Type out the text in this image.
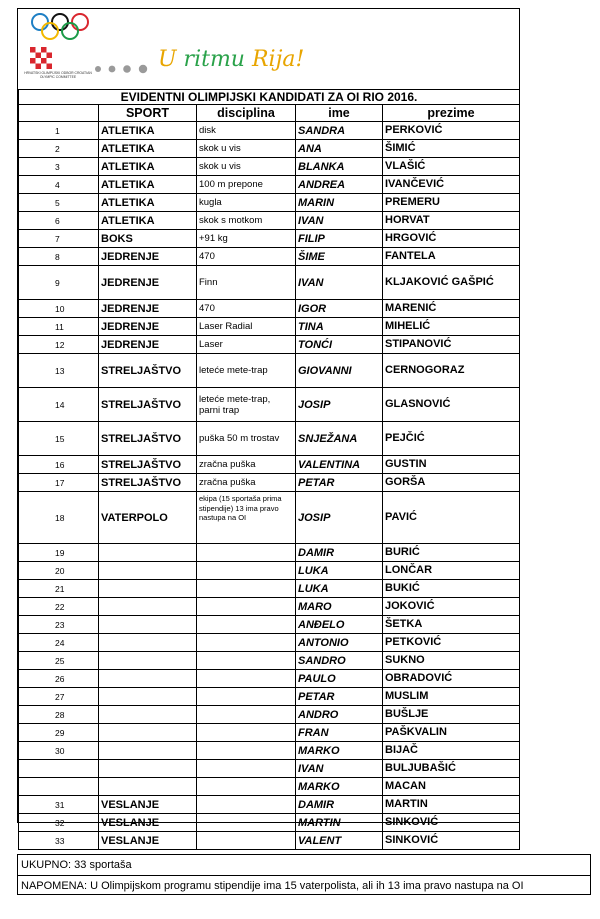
HRVATSKI OLIMPIJSKI ODBOR CROATIAN OLYMPIC COMMITTEE
U ritmu Rija!
EVIDENTNI OLIMPIJSKI KANDIDATI ZA OI RIO 2016.				
	SPORT	disciplina	ime	prezime
1	ATLETIKA	disk	SANDRA	PERKOVIĆ
2	ATLETIKA	skok u vis	ANA	ŠIMIĆ
3	ATLETIKA	skok u vis	BLANKA	VLAŠIĆ
4	ATLETIKA	100 m prepone	ANDREA	IVANČEVIĆ
5	ATLETIKA	kugla	MARIN	PREMERU
6	ATLETIKA	skok s motkom	IVAN	HORVAT
7	BOKS	+91 kg	FILIP	HRGOVIĆ
8	JEDRENJE	470	ŠIME	FANTELA
9	JEDRENJE	Finn	IVAN	KLJAKOVIĆ GAŠPIĆ
10	JEDRENJE	470	IGOR	MARENIĆ
11	JEDRENJE	Laser Radial	TINA	MIHELIĆ
12	JEDRENJE	Laser	TONĆI	STIPANOVIĆ
13	STRELJAŠTVO	leteće mete-trap	GIOVANNI	CERNOGORAZ
14	STRELJAŠTVO	leteće mete-trap, parni trap	JOSIP	GLASNOVIĆ
15	STRELJAŠTVO	puška 50 m trostav	SNJEŽANA	PEJČIĆ
16	STRELJAŠTVO	zračna puška	VALENTINA	GUSTIN
17	STRELJAŠTVO	zračna puška	PETAR	GORŠA
18	VATERPOLO	ekipa (15 sportaša prima stipendije) 13 ima pravo nastupa na OI	JOSIP	PAVIĆ
19			DAMIR	BURIĆ
20			LUKA	LONČAR
21			LUKA	BUKIĆ
22			MARO	JOKOVIĆ
23			ANĐELO	ŠETKA
24			ANTONIO	PETKOVIĆ
25			SANDRO	SUKNO
26			PAULO	OBRADOVIĆ
27			PETAR	MUSLIM
28			ANDRO	BUŠLJE
29			FRAN	PAŠKVALIN
30			MARKO	BIJAČ
			IVAN	BULJUBAŠIĆ
			MARKO	MACAN
31	VESLANJE		DAMIR	MARTIN
32	VESLANJE		MARTIN	SINKOVIĆ
33	VESLANJE		VALENT	SINKOVIĆ
UKUPNO: 33 sportaša
NAPOMENA: U Olimpijskom programu stipendije ima 15 vaterpolista, ali ih 13 ima pravo nastupa na OI
